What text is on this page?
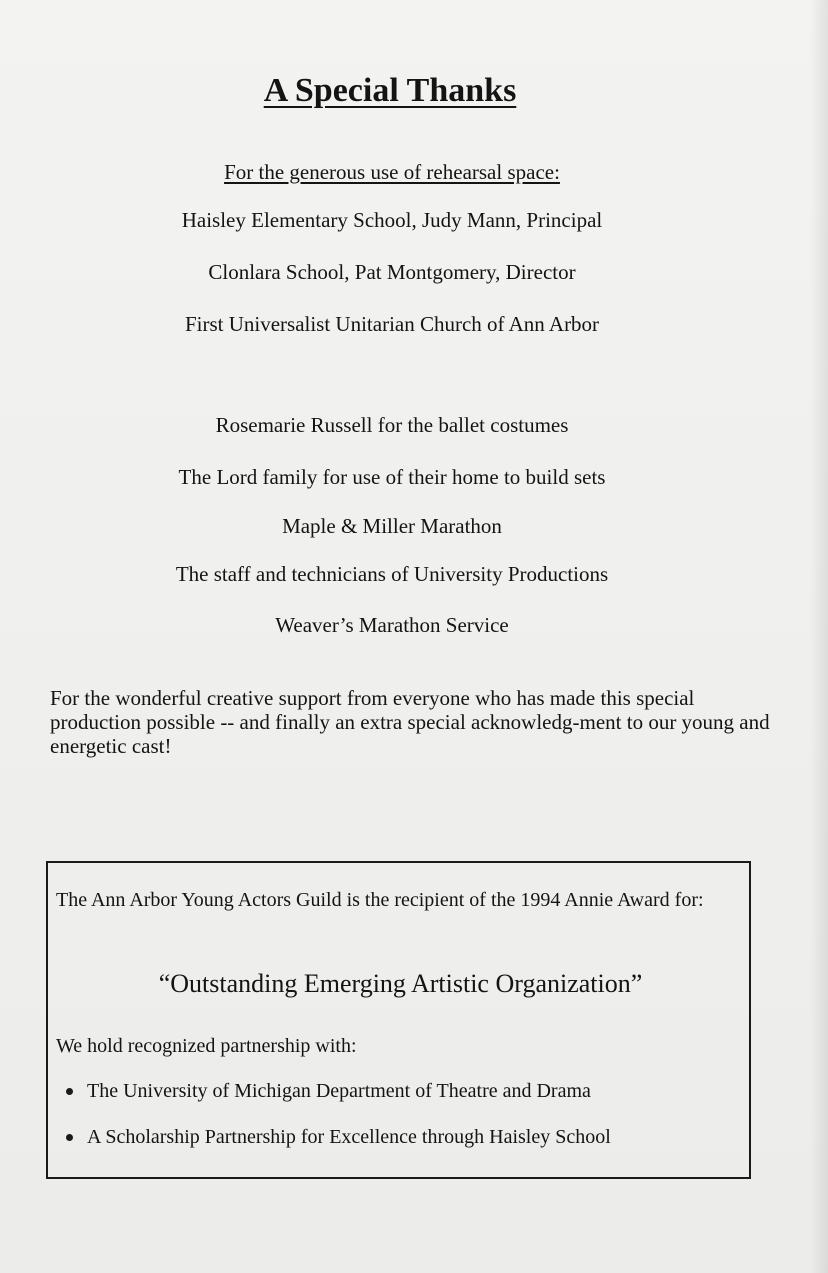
A Special Thanks

For the generous use of rehearsal space:

Haisley Elementary School, Judy Mann, Principal

Clonlara School, Pat Montgomery, Director

First Universalist Unitarian Church of Ann Arbor

Rosemarie Russell for the ballet costumes

The Lord family for use of their home to build sets

Maple & Miller Marathon

The staff and technicians of University Productions

Weaver’s Marathon Service

For the wonderful creative support from everyone who has made this special production possible -- and finally an extra special acknowledg-ment to our young and energetic cast!

The Ann Arbor Young Actors Guild is the recipient of the 1994 Annie Award for:

“Outstanding Emerging Artistic Organization”

We hold recognized partnership with:

The University of Michigan Department of Theatre and Drama
A Scholarship Partnership for Excellence through Haisley School
